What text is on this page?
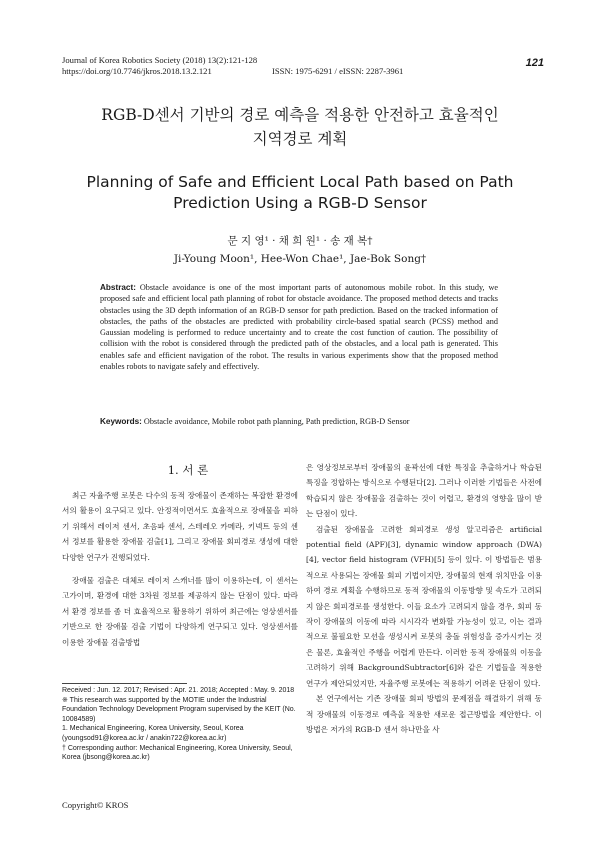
Journal of Korea Robotics Society (2018) 13(2):121-128
https://doi.org/10.7746/jkros.2018.13.2.121	ISSN: 1975-6291 / eISSN: 2287-3961
121
RGB-D센서 기반의 경로 예측을 적용한 안전하고 효율적인
지역경로 계획
Planning of Safe and Efficient Local Path based on Path
Prediction Using a RGB-D Sensor
문 지 영¹ · 채 희 원¹ · 송 재 복†
Ji-Young Moon¹, Hee-Won Chae¹, Jae-Bok Song†
Abstract: Obstacle avoidance is one of the most important parts of autonomous mobile robot. In this study, we proposed safe and efficient local path planning of robot for obstacle avoidance. The proposed method detects and tracks obstacles using the 3D depth information of an RGB-D sensor for path prediction. Based on the tracked information of obstacles, the paths of the obstacles are predicted with probability circle-based spatial search (PCSS) method and Gaussian modeling is performed to reduce uncertainty and to create the cost function of caution. The possibility of collision with the robot is considered through the predicted path of the obstacles, and a local path is generated. This enables safe and efficient navigation of the robot. The results in various experiments show that the proposed method enables robots to navigate safely and effectively.
Keywords: Obstacle avoidance, Mobile robot path planning, Path prediction, RGB-D Sensor
1. 서 론

최근 자율주행 로봇은 다수의 동적 장애물이 존재하는 복잡한 환경에서의 활용이 요구되고 있다. 안정적이면서도 효율적으로 장애물을 피하기 위해서 레이저 센서, 초음파 센서, 스테레오 카메라, 키넥트 등의 센서 정보를 활용한 장애물 검출[1], 그리고 장애물 회피경로 생성에 대한 다양한 연구가 진행되었다.

장애물 검출은 대체로 레이저 스캐너를 많이 이용하는데, 이 센서는 고가이며, 환경에 대한 3차원 정보를 제공하지 않는 단점이 있다. 따라서 환경 정보를 좀 더 효율적으로 활용하기 위하여 최근에는 영상센서를 기반으로 한 장애물 검출 기법이 다양하게 연구되고 있다. 영상센서를 이용한 장애물 검출방법

은 영상정보로부터 장애물의 윤곽선에 대한 특징을 추출하거나 학습된 특징을 정합하는 방식으로 수행된다[2]. 그러나 이러한 기법들은 사전에 학습되지 않은 장애물을 검출하는 것이 어렵고, 환경의 영향을 많이 받는 단점이 있다.

검출된 장애물을 고려한 회피경로 생성 알고리즘은 artificial potential field (APF)[3], dynamic window approach (DWA)[4], vector field histogram (VFH)[5] 등이 있다. 이 방법들은 범용적으로 사용되는 장애물 회피 기법이지만, 장애물의 현재 위치만을 이용하여 경로 계획을 수행하므로 동적 장애물의 이동방향 및 속도가 고려되지 않은 회피경로를 생성한다. 이들 요소가 고려되지 않을 경우, 회피 동작이 장애물의 이동에 따라 시시각각 변화할 가능성이 있고, 이는 결과적으로 불필요한 모션을 생성시켜 로봇의 충돌 위험성을 증가시키는 것은 물론, 효율적인 주행을 어렵게 만든다. 이러한 동적 장애물의 이동을 고려하기 위해 BackgroundSubtractor[6]와 같은 기법들을 적용한 연구가 제안되었지만, 자율주행 로봇에는 적용하기 어려운 단점이 있다.

본 연구에서는 기존 장애물 회피 방법의 문제점을 해결하기 위해 동적 장애물의 이동경로 예측을 적용한 새로운 접근방법을 제안한다. 이 방법은 저가의 RGB-D 센서 하나만을 사

Received : Jun. 12. 2017; Revised : Apr. 21. 2018; Accepted : May. 9. 2018
※ This research was supported by the MOTIE under the Industrial Foundation Technology Development Program supervised by the KEIT (No. 10084589)
1. Mechanical Engineering, Korea University, Seoul, Korea (youngsod91@korea.ac.kr / anakin722@korea.ac.kr)
† Corresponding author: Mechanical Engineering, Korea University, Seoul, Korea (jbsong@korea.ac.kr)
Copyright© KROS
